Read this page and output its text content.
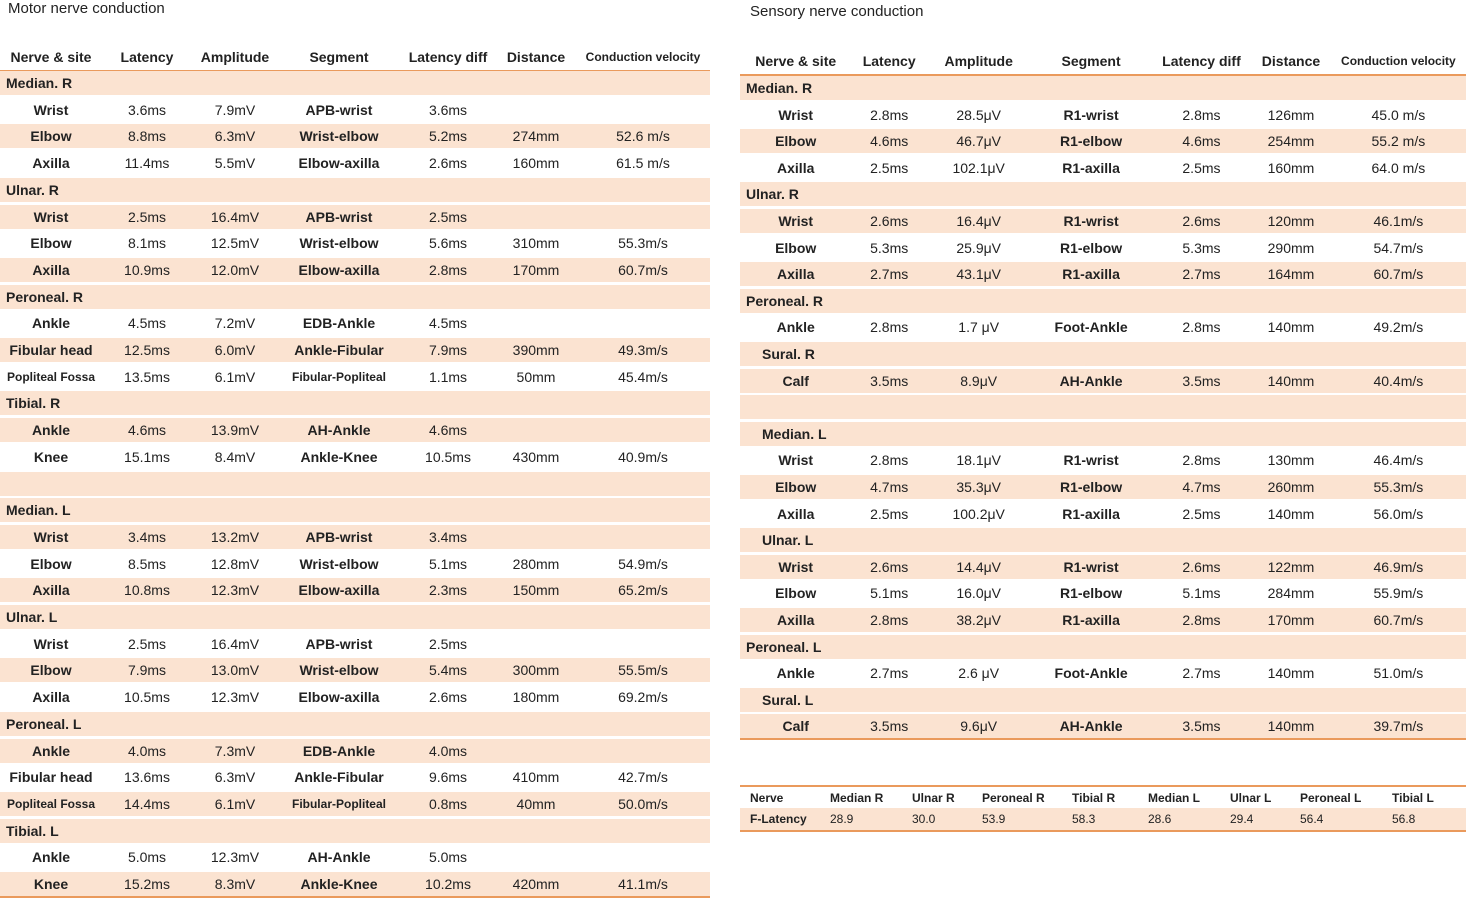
Motor nerve conduction	Sensory nerve conduction
Nerve & site	Latency	Amplitude	Segment	Latency diff	Distance	Conduction velocity
Median. R
Wrist	3.6ms	7.9mV	APB-wrist	3.6ms
Elbow	8.8ms	6.3mV	Wrist-elbow	5.2ms	274mm	52.6 m/s
Axilla	11.4ms	5.5mV	Elbow-axilla	2.6ms	160mm	61.5 m/s
Ulnar. R
Wrist	2.5ms	16.4mV	APB-wrist	2.5ms
Elbow	8.1ms	12.5mV	Wrist-elbow	5.6ms	310mm	55.3m/s
Axilla	10.9ms	12.0mV	Elbow-axilla	2.8ms	170mm	60.7m/s
Peroneal. R
Ankle	4.5ms	7.2mV	EDB-Ankle	4.5ms
Fibular head	12.5ms	6.0mV	Ankle-Fibular	7.9ms	390mm	49.3m/s
Popliteal Fossa	13.5ms	6.1mV	Fibular-Popliteal	1.1ms	50mm	45.4m/s
Tibial. R
Ankle	4.6ms	13.9mV	AH-Ankle	4.6ms
Knee	15.1ms	8.4mV	Ankle-Knee	10.5ms	430mm	40.9m/s
Median. L
Wrist	3.4ms	13.2mV	APB-wrist	3.4ms
Elbow	8.5ms	12.8mV	Wrist-elbow	5.1ms	280mm	54.9m/s
Axilla	10.8ms	12.3mV	Elbow-axilla	2.3ms	150mm	65.2m/s
Ulnar. L
Wrist	2.5ms	16.4mV	APB-wrist	2.5ms
Elbow	7.9ms	13.0mV	Wrist-elbow	5.4ms	300mm	55.5m/s
Axilla	10.5ms	12.3mV	Elbow-axilla	2.6ms	180mm	69.2m/s
Peroneal. L
Ankle	4.0ms	7.3mV	EDB-Ankle	4.0ms
Fibular head	13.6ms	6.3mV	Ankle-Fibular	9.6ms	410mm	42.7m/s
Popliteal Fossa	14.4ms	6.1mV	Fibular-Popliteal	0.8ms	40mm	50.0m/s
Tibial. L
Ankle	5.0ms	12.3mV	AH-Ankle	5.0ms
Knee	15.2ms	8.3mV	Ankle-Knee	10.2ms	420mm	41.1m/s
Nerve & site	Latency	Amplitude	Segment	Latency diff	Distance	Conduction velocity
Median. R
Wrist	2.8ms	28.5μV	R1-wrist	2.8ms	126mm	45.0 m/s
Elbow	4.6ms	46.7μV	R1-elbow	4.6ms	254mm	55.2 m/s
Axilla	2.5ms	102.1μV	R1-axilla	2.5ms	160mm	64.0 m/s
Ulnar. R
Wrist	2.6ms	16.4μV	R1-wrist	2.6ms	120mm	46.1m/s
Elbow	5.3ms	25.9μV	R1-elbow	5.3ms	290mm	54.7m/s
Axilla	2.7ms	43.1μV	R1-axilla	2.7ms	164mm	60.7m/s
Peroneal. R
Ankle	2.8ms	1.7 μV	Foot-Ankle	2.8ms	140mm	49.2m/s
Sural. R
Calf	3.5ms	8.9μV	AH-Ankle	3.5ms	140mm	40.4m/s
Median. L
Wrist	2.8ms	18.1μV	R1-wrist	2.8ms	130mm	46.4m/s
Elbow	4.7ms	35.3μV	R1-elbow	4.7ms	260mm	55.3m/s
Axilla	2.5ms	100.2μV	R1-axilla	2.5ms	140mm	56.0m/s
Ulnar. L
Wrist	2.6ms	14.4μV	R1-wrist	2.6ms	122mm	46.9m/s
Elbow	5.1ms	16.0μV	R1-elbow	5.1ms	284mm	55.9m/s
Axilla	2.8ms	38.2μV	R1-axilla	2.8ms	170mm	60.7m/s
Peroneal. L
Ankle	2.7ms	2.6 μV	Foot-Ankle	2.7ms	140mm	51.0m/s
Sural. L
Calf	3.5ms	9.6μV	AH-Ankle	3.5ms	140mm	39.7m/s
Nerve	Median R	Ulnar R	Peroneal R	Tibial R	Median L	Ulnar L	Peroneal L	Tibial L
F-Latency	28.9	30.0	53.9	58.3	28.6	29.4	56.4	56.8
